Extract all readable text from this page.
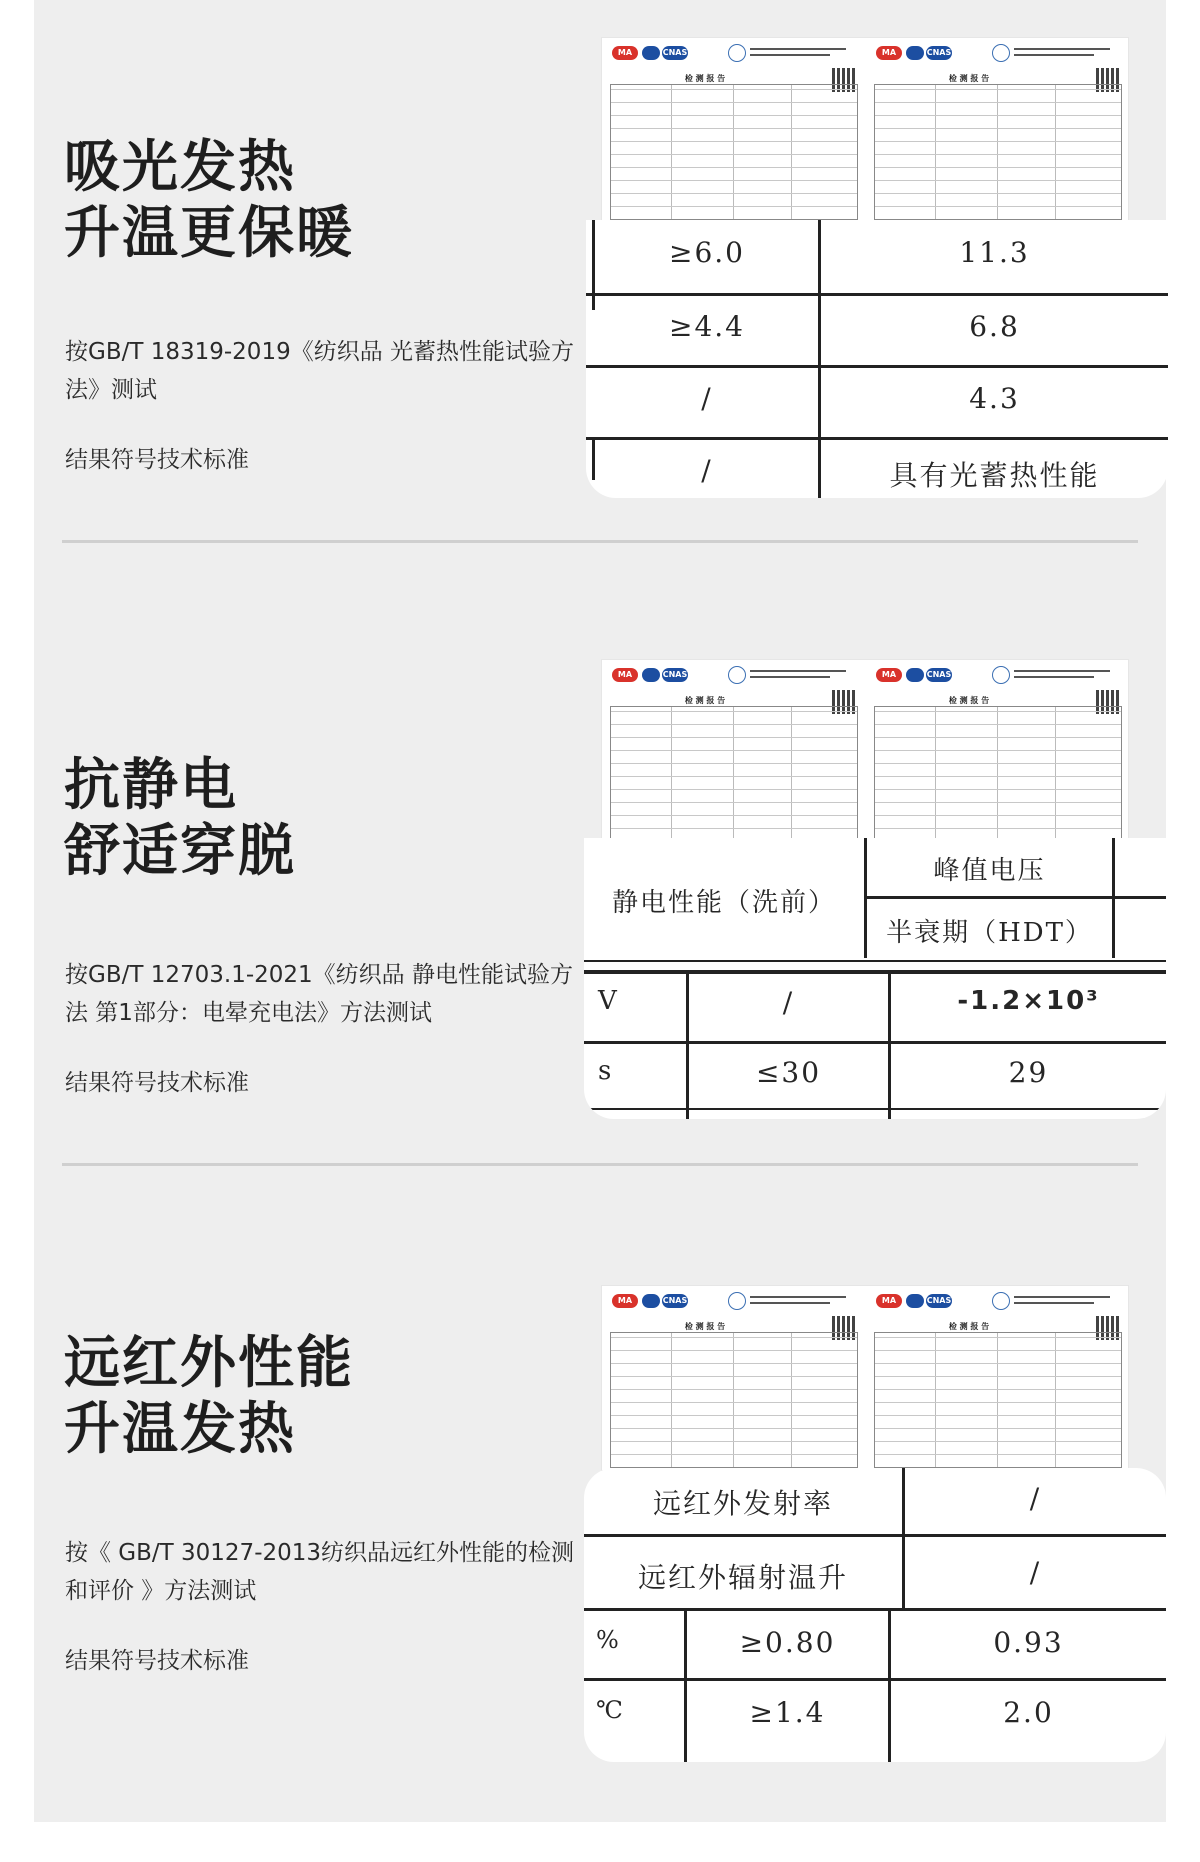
吸光发热
升温更保暖

按GB/T 18319-2019《纺织品 光蓄热性能试验方法》测试

结果符号技术标准

MA	CNAS
检 测 报 告
MA	CNAS
检 测 报 告
≥6.0	11.3
≥4.4	6.8
/	4.3
/	具有光蓄热性能
抗静电
舒适穿脱

按GB/T 12703.1-2021《纺织品 静电性能试验方法 第1部分：电晕充电法》方法测试

结果符号技术标准

MA	CNAS
检 测 报 告
MA	CNAS
检 测 报 告
静电性能（洗前）
峰值电压
半衰期（HDT）
V	/	-1.2×10³
s	≤30	29
远红外性能
升温发热

按《 GB/T 30127-2013纺织品远红外性能的检测和评价 》方法测试

结果符号技术标准

MA	CNAS
检 测 报 告
MA	CNAS
检 测 报 告
远红外发射率	/
远红外辐射温升	/
%	≥0.80	0.93
℃	≥1.4	2.0
